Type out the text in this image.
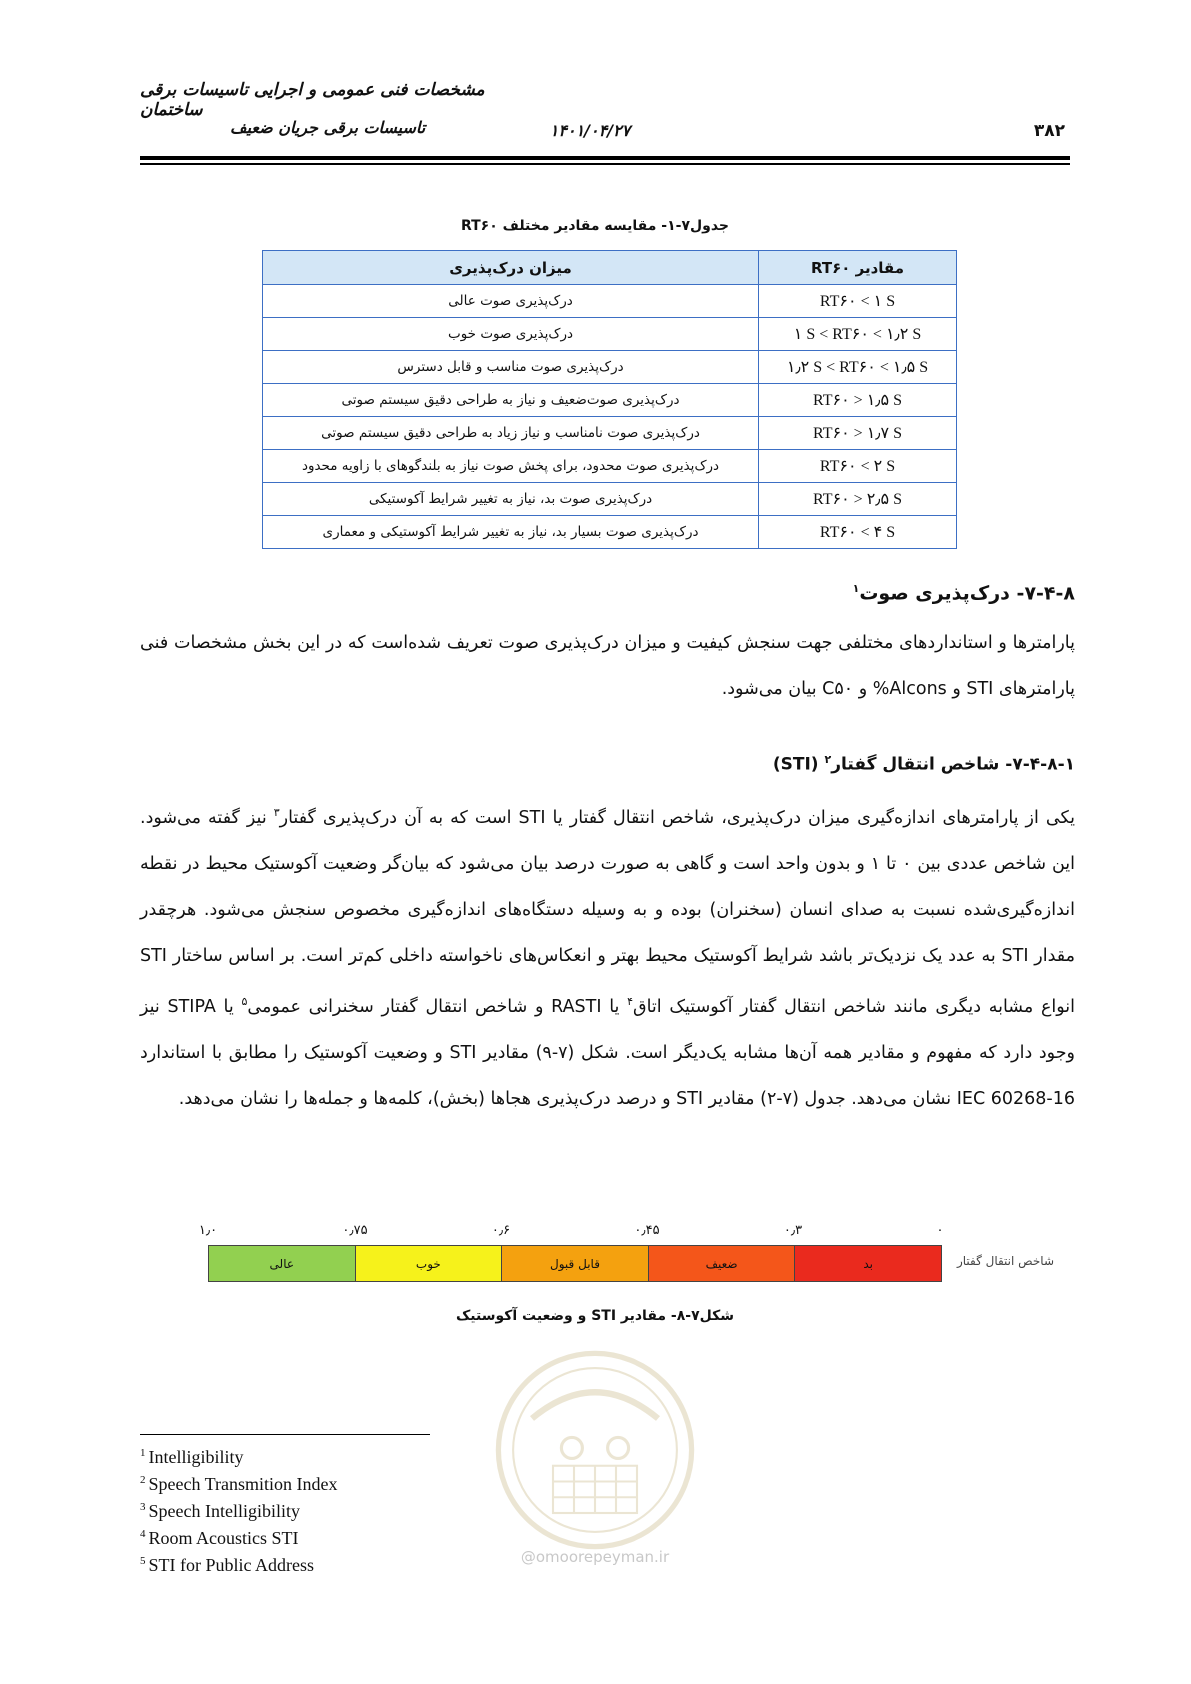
مشخصات فنی عمومی و اجرایی تاسیسات برقی ساختمان
تاسیسات برقی جریان ضعیف	۱۴۰۱/۰۴/۲۷	۳۸۲
جدول۷-۱- مقایسه مقادیر مختلف RT۶۰
مقادیر RT۶۰	میزان درک‌پذیری
RT۶۰ < ۱ S	درک‌پذیری صوت عالی
۱ S < RT۶۰ < ۱٫۲ S	درک‌پذیری صوت خوب
۱٫۲ S < RT۶۰ < ۱٫۵ S	درک‌پذیری صوت مناسب و قابل دسترس
RT۶۰ > ۱٫۵ S	درک‌پذیری صوت‌ضعیف و نیاز به طراحی دقیق سیستم صوتی
RT۶۰ > ۱٫۷ S	درک‌پذیری صوت نامناسب و نیاز زیاد به طراحی دقیق سیستم صوتی
RT۶۰ < ۲ S	درک‌پذیری صوت محدود، برای پخش صوت نیاز به بلندگوهای با زاویه محدود
RT۶۰ > ۲٫۵ S	درک‌پذیری صوت بد، نیاز به تغییر شرایط آکوستیکی
RT۶۰ < ۴ S	درک‌پذیری صوت بسیار بد، نیاز به تغییر شرایط آکوستیکی و معماری
۷-۴-۸- درک‌پذیری صوت$^۱$
پارامترها و استانداردهای مختلفی جهت سنجش کیفیت و میزان درک‌پذیری صوت تعریف شده‌است که در این بخش مشخصات فنی پارامترهای STI و Alcons% و C۵۰ بیان می‌شود.
۷-۴-۸-۱- شاخص انتقال گفتار$^۲$ (STI)
یکی از پارامترهای اندازه‌گیری میزان درک‌پذیری، شاخص انتقال گفتار یا STI است که به آن درک‌پذیری گفتار$^۳$ نیز گفته می‌شود. این شاخص عددی بین ۰ تا ۱ و بدون واحد است و گاهی به صورت درصد بیان می‌شود که بیان‌گر وضعیت آکوستیک محیط در نقطه اندازه‌گیری‌شده نسبت به صدای انسان (سخنران) بوده و به وسیله دستگاه‌های اندازه‌گیری مخصوص سنجش می‌شود. هرچقدر مقدار STI به عدد یک نزدیک‌تر باشد شرایط آکوستیک محیط بهتر و انعکاس‌های ناخواسته داخلی کم‌تر است. بر اساس ساختار STI انواع مشابه دیگری مانند شاخص انتقال گفتار آکوستیک اتاق$^۴$ یا RASTI و شاخص انتقال گفتار سخنرانی عمومی$^۵$ یا STIPA نیز وجود دارد که مفهوم و مقادیر همه آن‌ها مشابه یک‌دیگر است. شکل (۷-۹) مقادیر STI و وضعیت آکوستیک را مطابق با استاندارد IEC 60268-16 نشان می‌دهد. جدول (۷-۲) مقادیر STI و درصد درک‌پذیری هجاها (بخش)، کلمه‌ها و جمله‌ها را نشان می‌دهد.
۰
۰٫۳
۰٫۴۵
۰٫۶
۰٫۷۵
۱٫۰
عالی	خوب	قابل قبول	ضعیف	بد	شاخص انتقال گفتار
شکل۷-۸- مقادیر STI و وضعیت آکوستیک
@omoorepeyman.ir
$^1$ Intelligibility
$^2$ Speech Transmition Index
$^3$ Speech Intelligibility
$^4$ Room Acoustics STI
$^5$ STI for Public Address
